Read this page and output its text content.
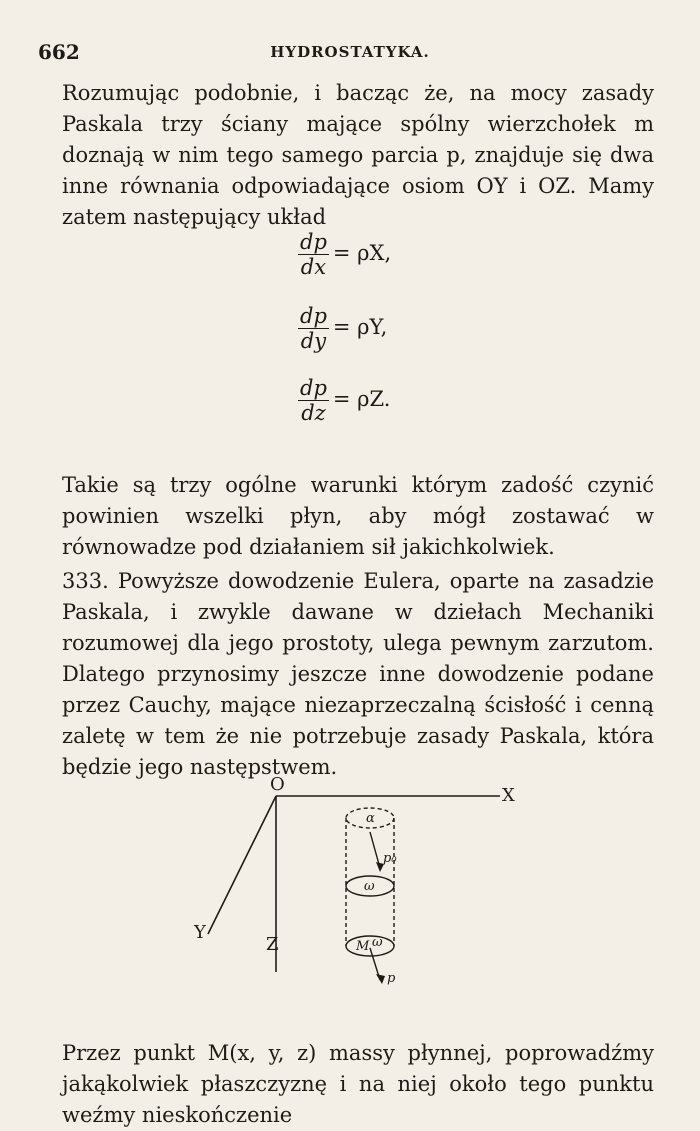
662	HYDROSTATYKA.

Rozumując podobnie, i bacząc że, na mocy zasady Paskala trzy ściany mające spólny wierzchołek m doznają w nim tego samego parcia p, znajduje się dwa inne równania odpowiadające osiom OY i OZ. Mamy zatem następujący układ

$\frac{dp}{dx} = \rho X$,
$\frac{dp}{dy} = \rho Y$,
$\frac{dp}{dz} = \rho Z$.

Takie są trzy ogólne warunki którym zadość czynić powinien wszelki płyn, aby mógł zostawać w równowadze pod działaniem sił jakichkolwiek.

333. Powyższe dowodzenie Eulera, oparte na zasadzie Paskala, i zwykle dawane w dziełach Mechaniki rozumowej dla jego prostoty, ulega pewnym zarzutom. Dlatego przynosimy jeszcze inne dowodzenie podane przez Cauchy, mające niezaprzeczalną ścisłość i cenną zaletę w tem że nie potrzebuje zasady Paskala, która będzie jego następstwem.

O
X
Y
Z
α
p₀
ω
M ω
p

Przez punkt M(x, y, z) massy płynnej, poprowadźmy jakąkolwiek płaszczyznę i na niej około tego punktu weźmy nieskończenie
